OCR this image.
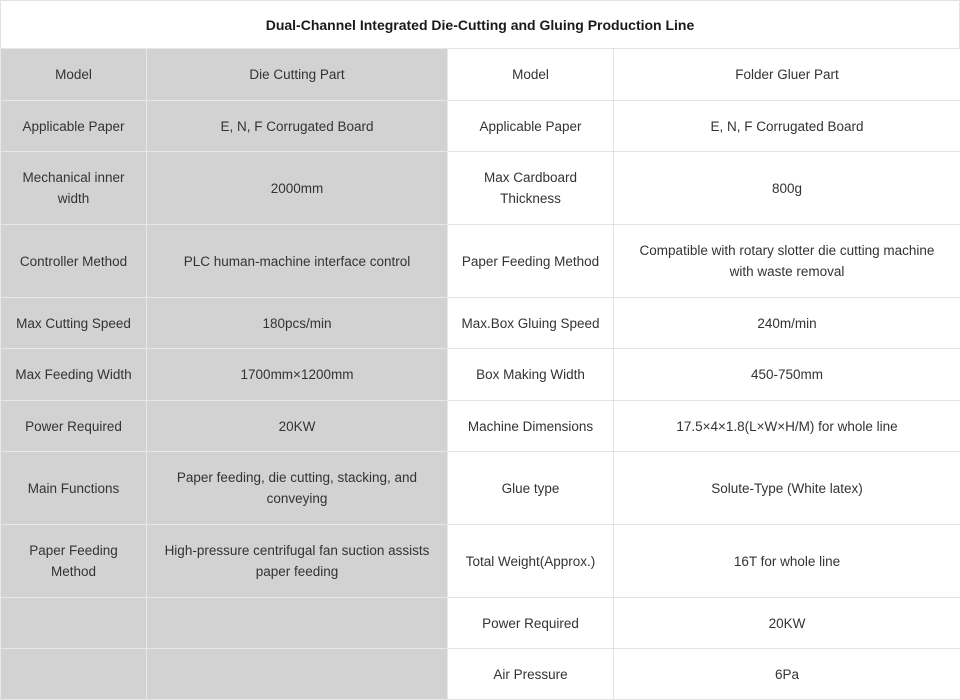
Dual-Channel Integrated Die-Cutting and Gluing Production Line
Model	Die Cutting Part	Model	Folder Gluer Part
Applicable Paper	E, N, F Corrugated Board	Applicable Paper	E, N, F Corrugated Board
Mechanical inner width	2000mm	Max Cardboard Thickness	800g
Controller Method	PLC human-machine interface control	Paper Feeding Method	Compatible with rotary slotter die cutting machine with waste removal
Max Cutting Speed	180pcs/min	Max.Box Gluing Speed	240m/min
Max Feeding Width	1700mm×1200mm	Box Making Width	450-750mm
Power Required	20KW	Machine Dimensions	17.5×4×1.8(L×W×H/M) for whole line
Main Functions	Paper feeding, die cutting, stacking, and conveying	Glue type	Solute-Type (White latex)
Paper Feeding Method	High-pressure centrifugal fan suction assists paper feeding	Total Weight(Approx.)	16T for whole line
		Power Required	20KW
		Air Pressure	6Pa
